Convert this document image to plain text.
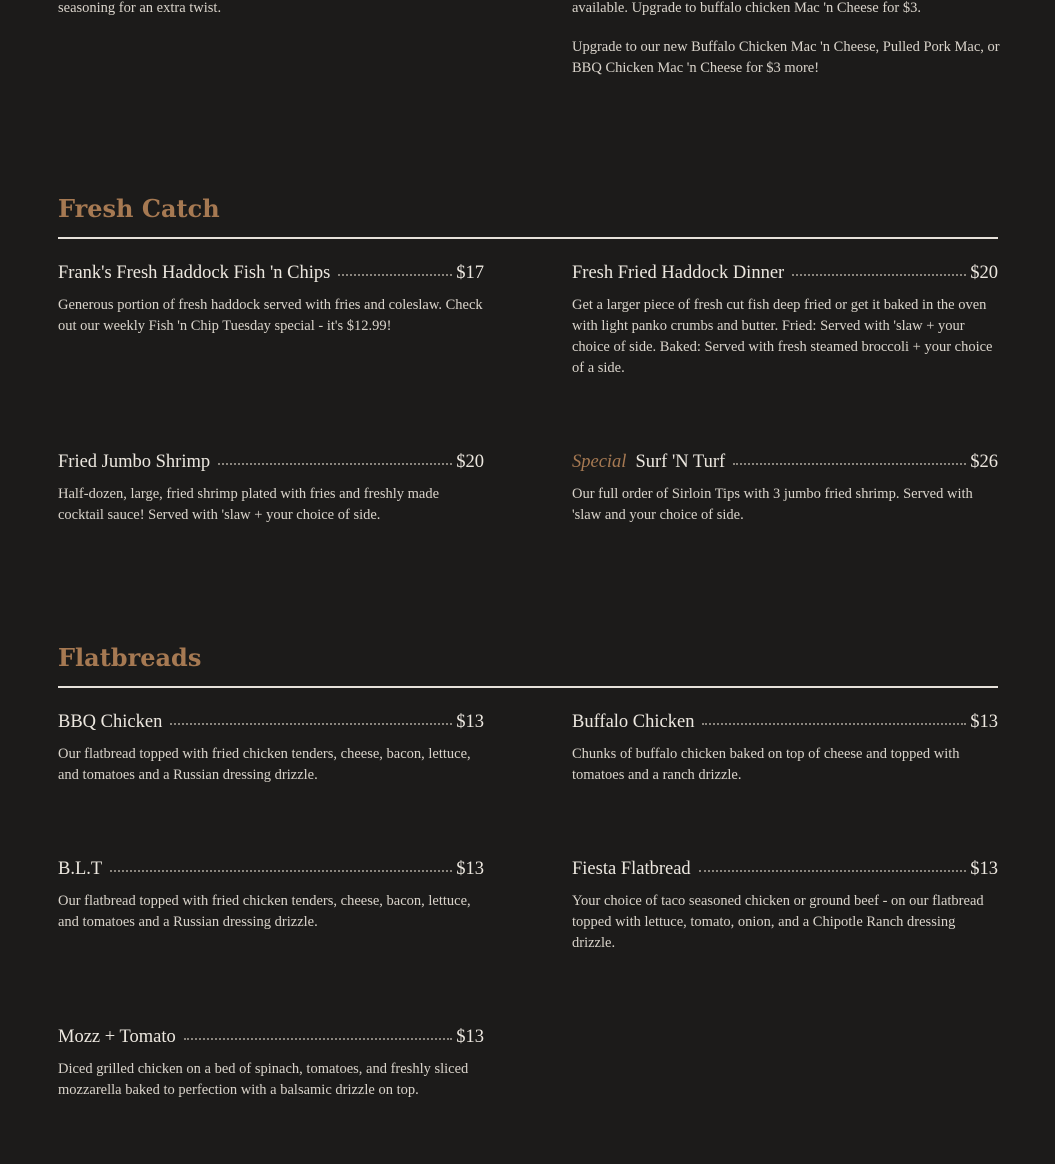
seasoning for an extra twist.	available. Upgrade to buffalo chicken Mac 'n Cheese for $3.

Upgrade to our new Buffalo Chicken Mac 'n Cheese, Pulled Pork Mac, or BBQ Chicken Mac 'n Cheese for $3 more!

Fresh Catch
Frank's Fresh Haddock Fish 'n Chips	$17

Generous portion of fresh haddock served with fries and coleslaw. Check out our weekly Fish 'n Chip Tuesday special - it's $12.99!

Fresh Fried Haddock Dinner	$20

Get a larger piece of fresh cut fish deep fried or get it baked in the oven with light panko crumbs and butter. Fried: Served with 'slaw + your choice of side. Baked: Served with fresh steamed broccoli + your choice of a side.

Fried Jumbo Shrimp	$20

Half-dozen, large, fried shrimp plated with fries and freshly made cocktail sauce! Served with 'slaw + your choice of side.

Special Surf 'N Turf	$26

Our full order of Sirloin Tips with 3 jumbo fried shrimp. Served with 'slaw and your choice of side.

Flatbreads
BBQ Chicken	$13

Our flatbread topped with fried chicken tenders, cheese, bacon, lettuce, and tomatoes and a Russian dressing drizzle.

Buffalo Chicken	$13

Chunks of buffalo chicken baked on top of cheese and topped with tomatoes and a ranch drizzle.

B.L.T	$13

Our flatbread topped with fried chicken tenders, cheese, bacon, lettuce, and tomatoes and a Russian dressing drizzle.

Fiesta Flatbread	$13

Your choice of taco seasoned chicken or ground beef - on our flatbread topped with lettuce, tomato, onion, and a Chipotle Ranch dressing drizzle.

Mozz + Tomato	$13

Diced grilled chicken on a bed of spinach, tomatoes, and freshly sliced mozzarella baked to perfection with a balsamic drizzle on top.
